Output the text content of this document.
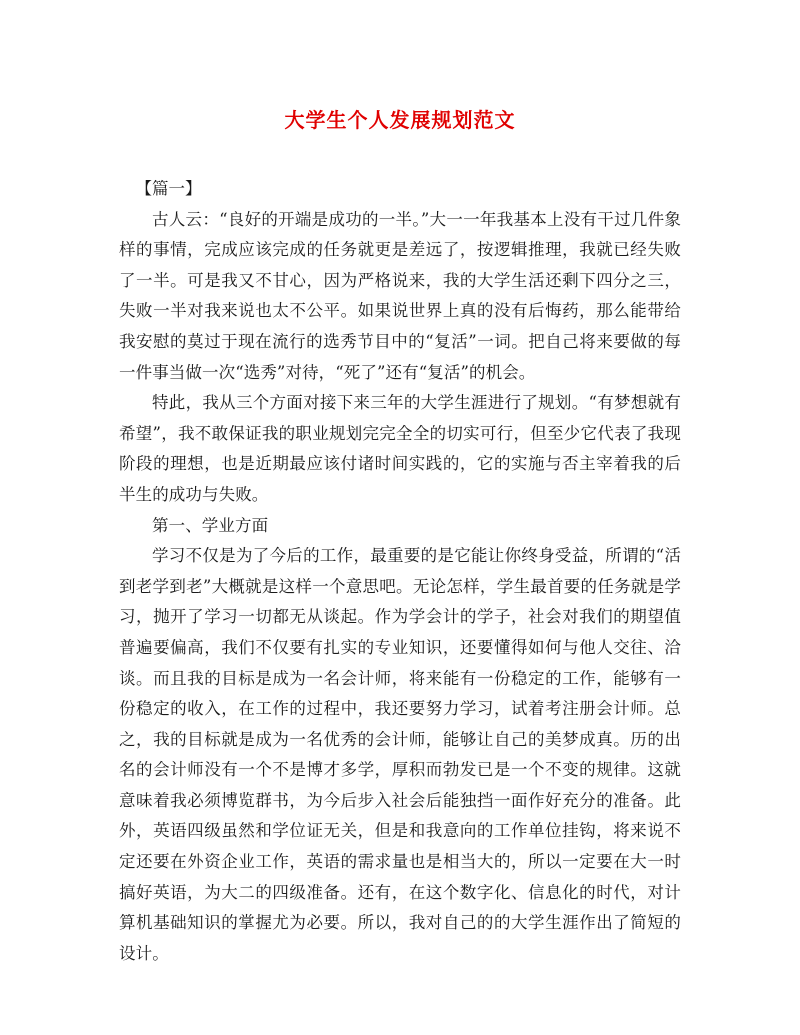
大学生个人发展规划范文

【篇一】

古人云：“良好的开端是成功的一半。”大一一年我基本上没有干过几件象样的事情，完成应该完成的任务就更是差远了，按逻辑推理，我就已经失败了一半。可是我又不甘心，因为严格说来，我的大学生活还剩下四分之三，失败一半对我来说也太不公平。如果说世界上真的没有后悔药，那么能带给我安慰的莫过于现在流行的选秀节目中的“复活”一词。把自己将来要做的每一件事当做一次“选秀”对待，“死了”还有“复活”的机会。

特此，我从三个方面对接下来三年的大学生涯进行了规划。“有梦想就有希望”，我不敢保证我的职业规划完完全全的切实可行，但至少它代表了我现阶段的理想，也是近期最应该付诸时间实践的，它的实施与否主宰着我的后半生的成功与失败。

第一、学业方面

学习不仅是为了今后的工作，最重要的是它能让你终身受益，所谓的“活到老学到老”大概就是这样一个意思吧。无论怎样，学生最首要的任务就是学习，抛开了学习一切都无从谈起。作为学会计的学子，社会对我们的期望值普遍要偏高，我们不仅要有扎实的专业知识，还要懂得如何与他人交往、洽谈。而且我的目标是成为一名会计师，将来能有一份稳定的工作，能够有一份稳定的收入，在工作的过程中，我还要努力学习，试着考注册会计师。总之，我的目标就是成为一名优秀的会计师，能够让自己的美梦成真。历的出名的会计师没有一个不是博才多学，厚积而勃发已是一个不变的规律。这就意味着我必须博览群书，为今后步入社会后能独挡一面作好充分的准备。此外，英语四级虽然和学位证无关，但是和我意向的工作单位挂钩，将来说不定还要在外资企业工作，英语的需求量也是相当大的，所以一定要在大一时搞好英语，为大二的四级准备。还有，在这个数字化、信息化的时代，对计算机基础知识的掌握尤为必要。所以，我对自己的的大学生涯作出了简短的设计。
